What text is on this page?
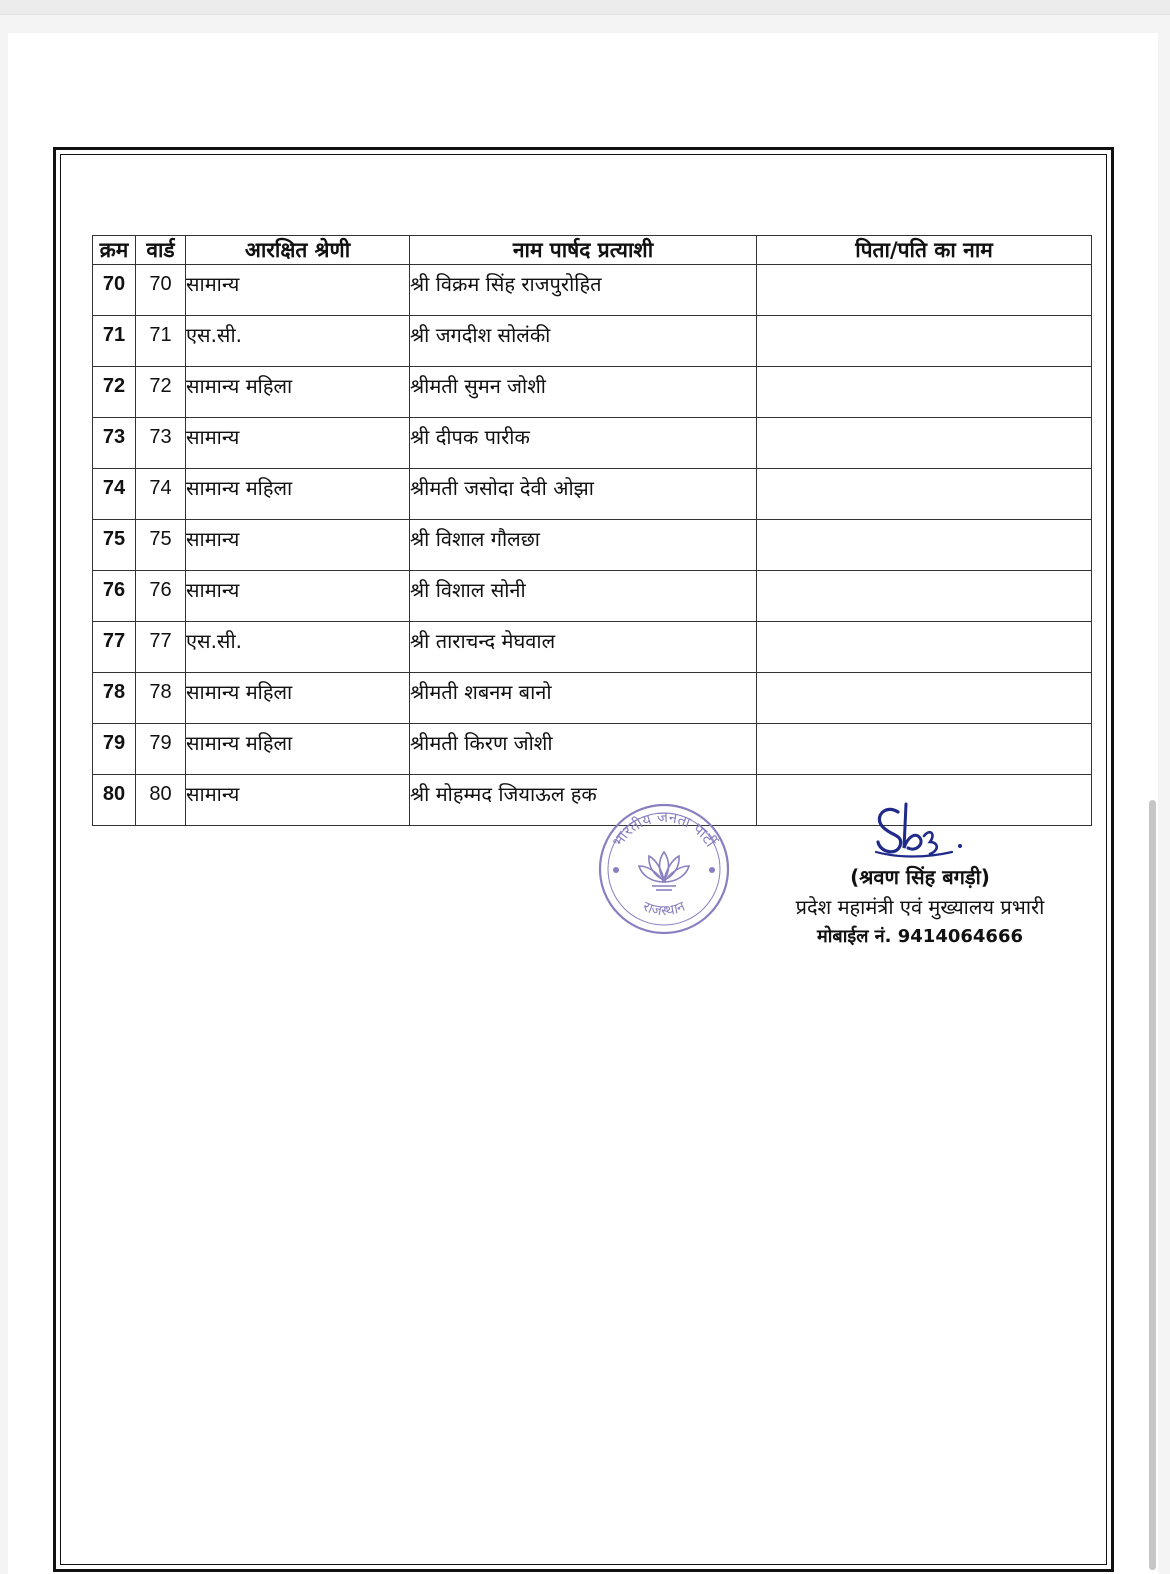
क्रम	वार्ड	आरक्षित श्रेणी	नाम पार्षद प्रत्याशी	पिता/पति का नाम
70	70	सामान्य	श्री विक्रम सिंह राजपुरोहित	
71	71	एस.सी.	श्री जगदीश सोलंकी	
72	72	सामान्य महिला	श्रीमती सुमन जोशी	
73	73	सामान्य	श्री दीपक पारीक	
74	74	सामान्य महिला	श्रीमती जसोदा देवी ओझा	
75	75	सामान्य	श्री विशाल गौलछा	
76	76	सामान्य	श्री विशाल सोनी	
77	77	एस.सी.	श्री ताराचन्द मेघवाल	
78	78	सामान्य महिला	श्रीमती शबनम बानो	
79	79	सामान्य महिला	श्रीमती किरण जोशी	
80	80	सामान्य	श्री मोहम्मद जियाऊल हक	
भारतीय जनता पार्टी
राजस्थान
(श्रवण सिंह बगड़ी)
प्रदेश महामंत्री एवं मुख्यालय प्रभारी
मोबाईल नं. 9414064666
